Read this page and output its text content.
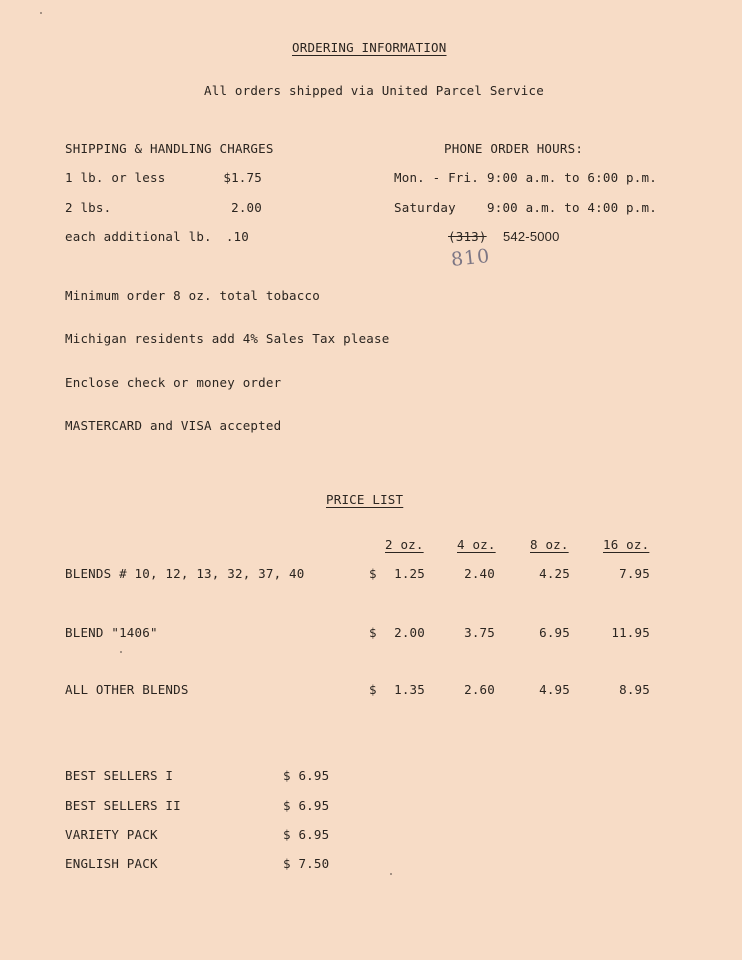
ORDERING INFORMATION
All orders shipped via United Parcel Service
SHIPPING & HANDLING CHARGES
1 lb. or less	$1.75
2 lbs.	2.00
each additional lb.	.10
PHONE ORDER HOURS:
Mon. - Fri. 9:00 a.m. to 6:00 p.m.
Saturday 9:00 a.m. to 4:00 p.m.
(313) 542-5000
810
Minimum order 8 oz. total tobacco
Michigan residents add 4% Sales Tax please
Enclose check or money order
MASTERCARD and VISA accepted
PRICE LIST
2 oz.	4 oz.	8 oz.	16 oz.
BLENDS # 10, 12, 13, 32, 37, 40	$	1.25	2.40	4.25	7.95
BLEND "1406"	$	2.00	3.75	6.95	11.95
ALL OTHER BLENDS	$	1.35	2.60	4.95	8.95
BEST SELLERS I	$ 6.95
BEST SELLERS II	$ 6.95
VARIETY PACK	$ 6.95
ENGLISH PACK	$ 7.50
